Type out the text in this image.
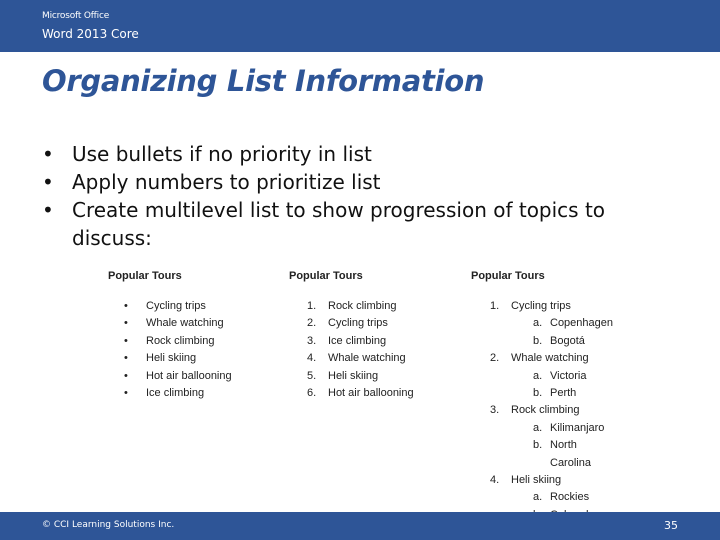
Microsoft Office
Word 2013 Core
Organizing List Information
• Use bullets if no priority in list
• Apply numbers to prioritize list
• Create multilevel list to show progression of topics to discuss:
Popular Tours
• Cycling trips
• Whale watching
• Rock climbing
• Heli skiing
• Hot air ballooning
• Ice climbing
Popular Tours
1. Rock climbing
2. Cycling trips
3. Ice climbing
4. Whale watching
5. Heli skiing
6. Hot air ballooning
Popular Tours
1. Cycling trips
a. Copenhagen
b. Bogotá
2. Whale watching
a. Victoria
b. Perth
3. Rock climbing
a. Kilimanjaro
b. North
Carolina
4. Heli skiing
a. Rockies
© CCI Learning Solutions Inc.	35
